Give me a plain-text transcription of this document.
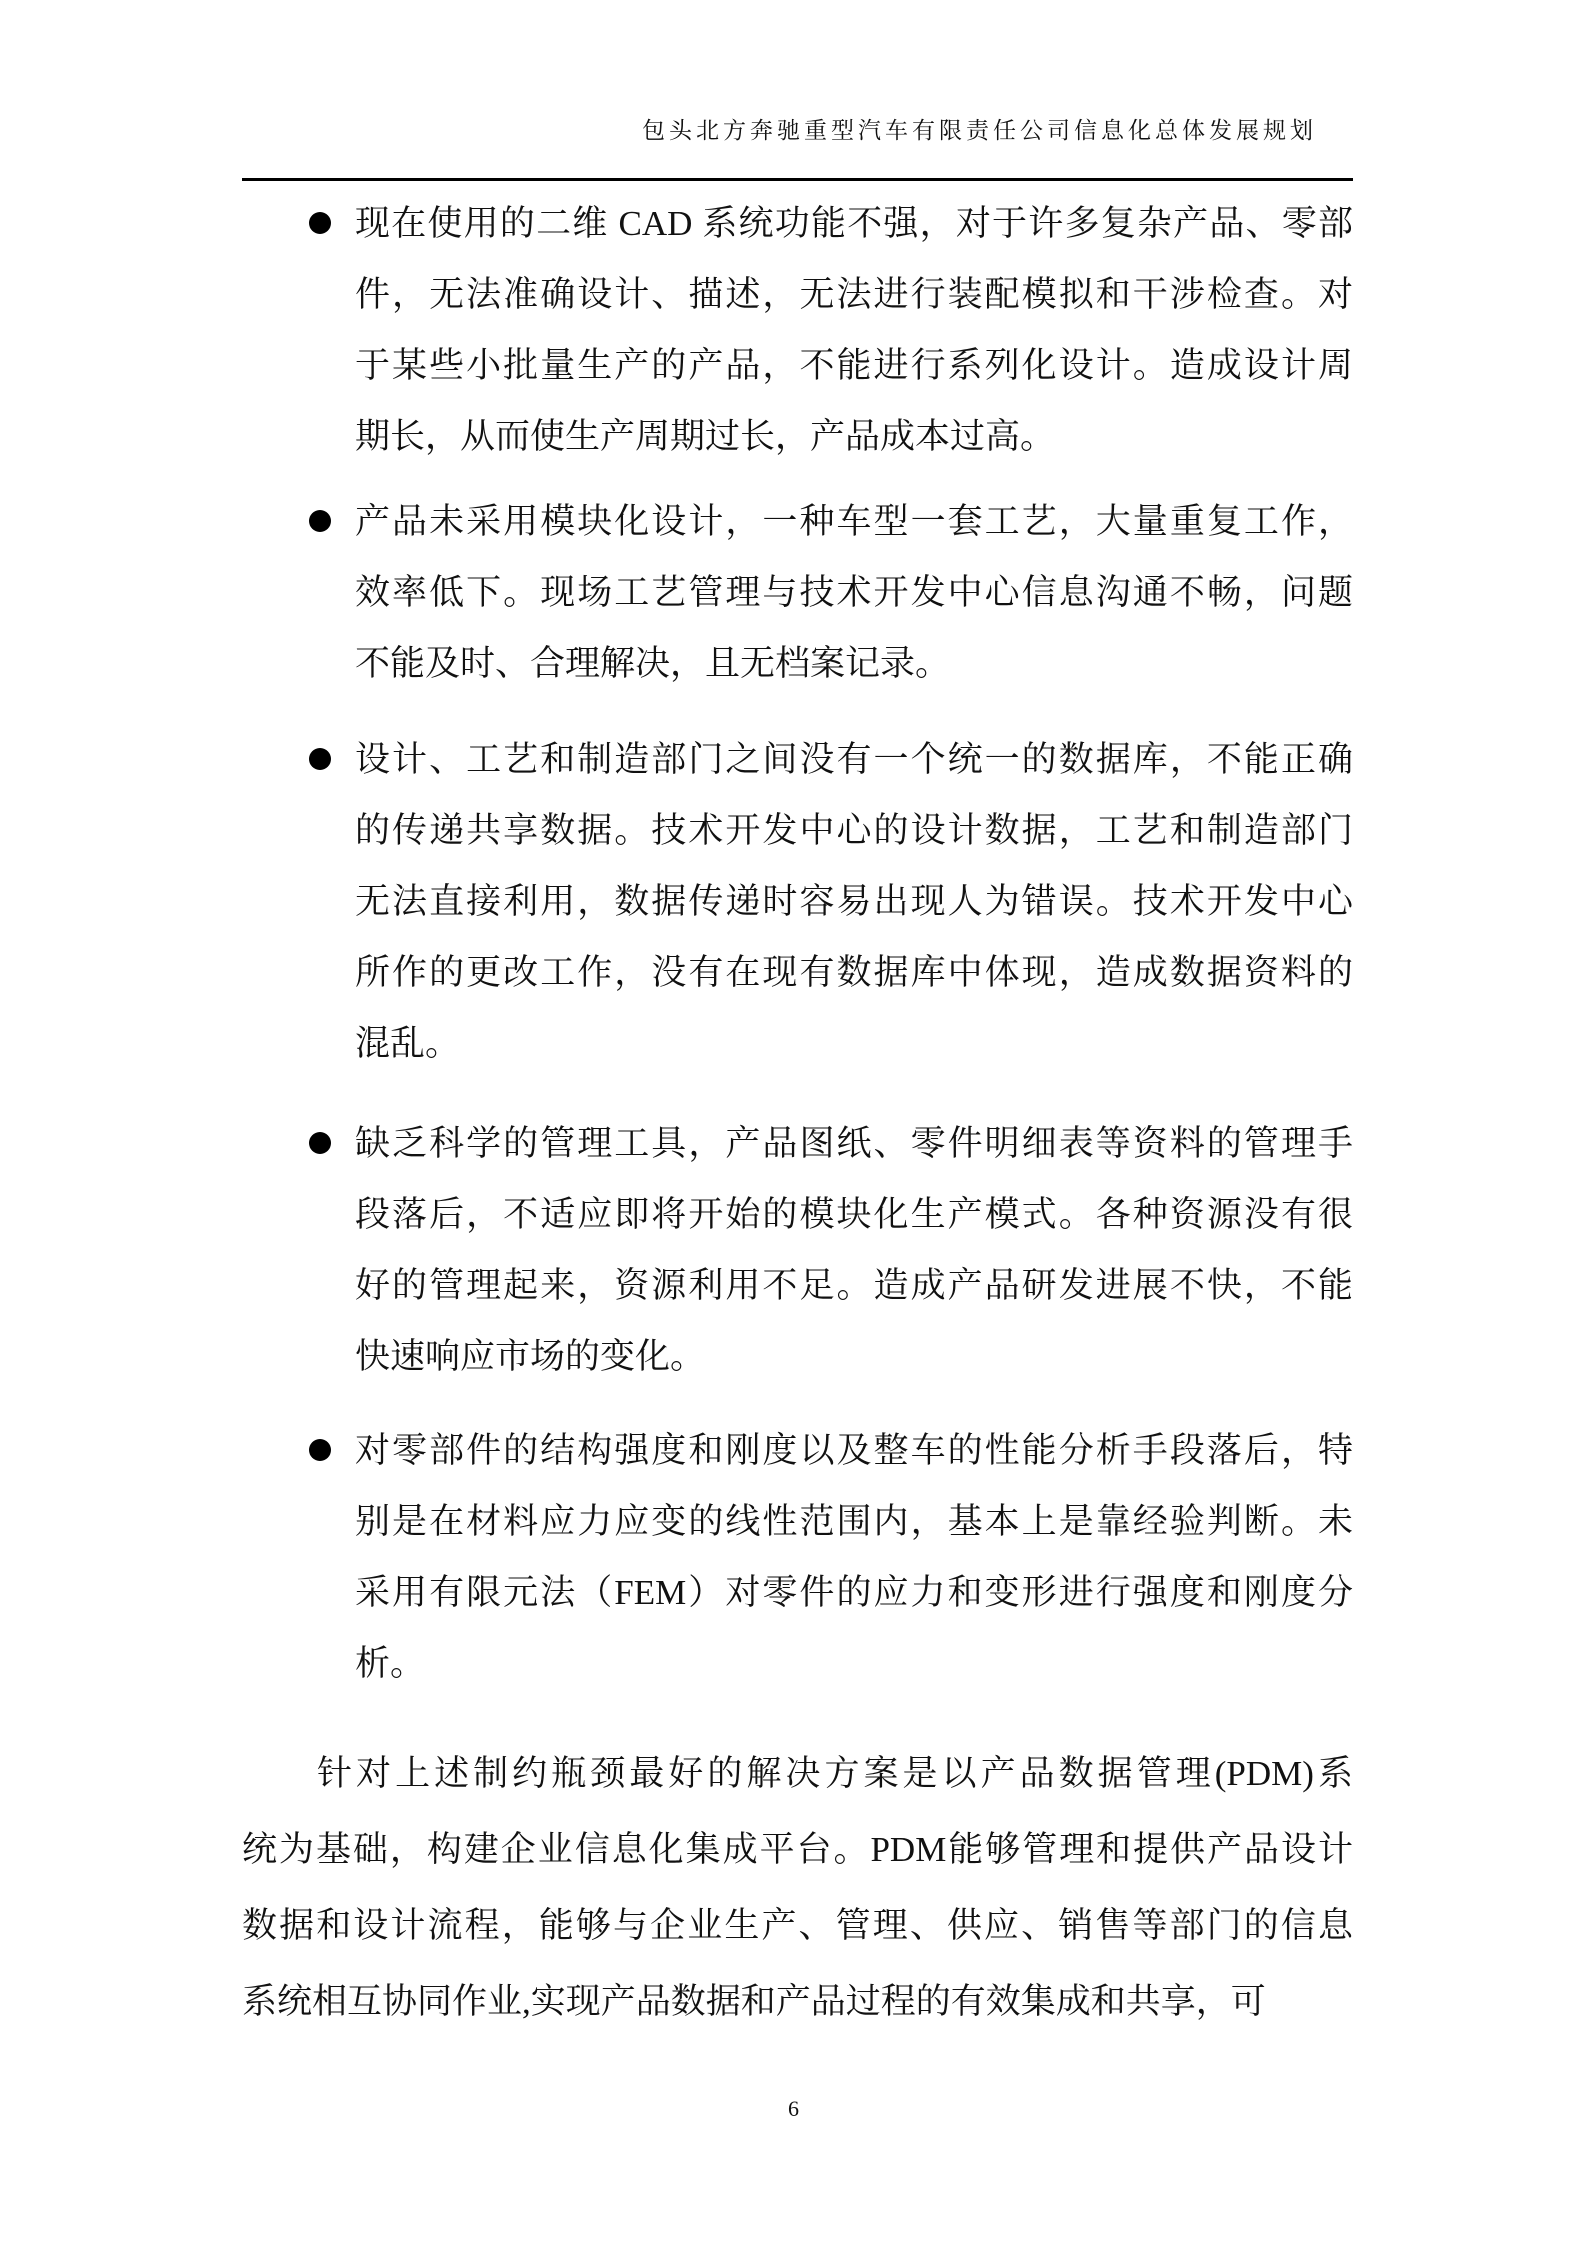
包头北方奔驰重型汽车有限责任公司信息化总体发展规划
现在使用的二维 CAD 系统功能不强，对于许多复杂产品、零部
件，无法准确设计、描述，无法进行装配模拟和干涉检查。对
于某些小批量生产的产品，不能进行系列化设计。造成设计周
期长，从而使生产周期过长，产品成本过高。
产品未采用模块化设计，一种车型一套工艺，大量重复工作，
效率低下。现场工艺管理与技术开发中心信息沟通不畅，问题
不能及时、合理解决，且无档案记录。
设计、工艺和制造部门之间没有一个统一的数据库，不能正确
的传递共享数据。技术开发中心的设计数据，工艺和制造部门
无法直接利用，数据传递时容易出现人为错误。技术开发中心
所作的更改工作，没有在现有数据库中体现，造成数据资料的
混乱。
缺乏科学的管理工具，产品图纸、零件明细表等资料的管理手
段落后，不适应即将开始的模块化生产模式。各种资源没有很
好的管理起来，资源利用不足。造成产品研发进展不快，不能
快速响应市场的变化。
对零部件的结构强度和刚度以及整车的性能分析手段落后，特
别是在材料应力应变的线性范围内，基本上是靠经验判断。未
采用有限元法（FEM）对零件的应力和变形进行强度和刚度分
析。
针对上述制约瓶颈最好的解决方案是以产品数据管理(PDM)系
统为基础，构建企业信息化集成平台。PDM能够管理和提供产品设计
数据和设计流程，能够与企业生产、管理、供应、销售等部门的信息
系统相互协同作业,实现产品数据和产品过程的有效集成和共享，可
6
